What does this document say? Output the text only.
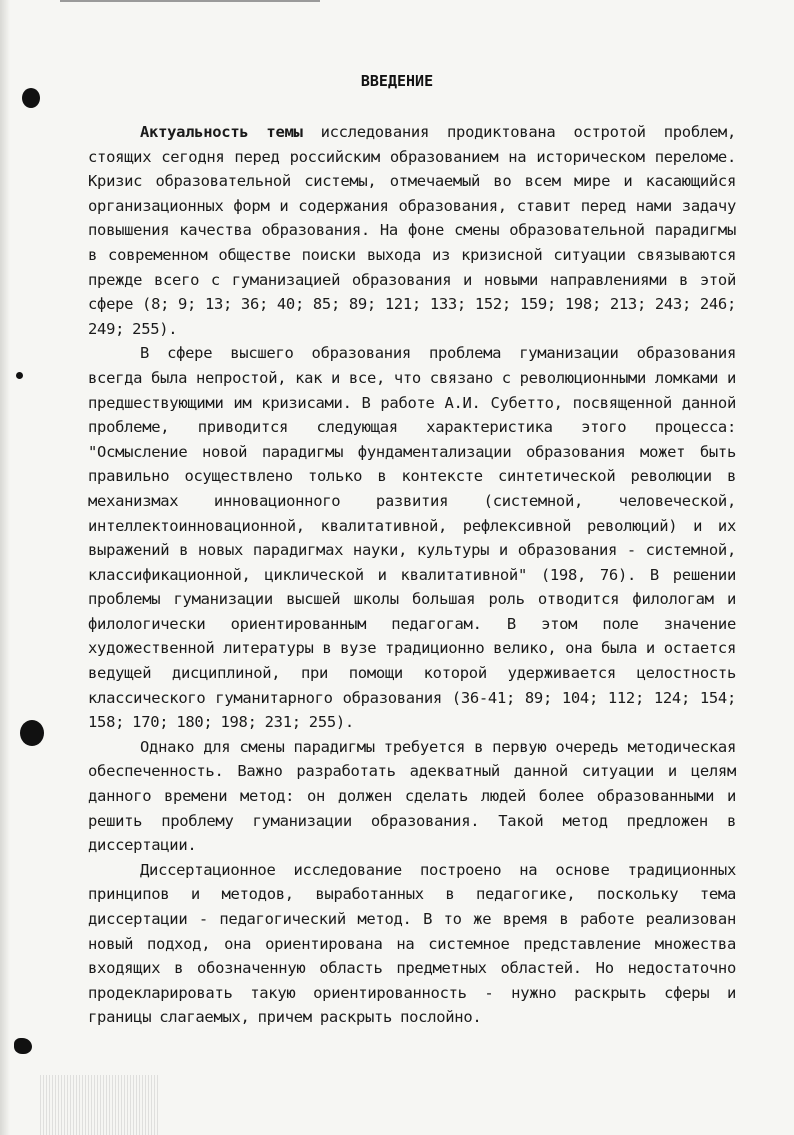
ВВЕДЕНИЕ

Актуальность темы исследования продиктована остротой проблем, стоящих сегодня перед российским образованием на историческом переломе. Кризис образовательной системы, отмечаемый во всем мире и касающийся организационных форм и содержания образования, ставит перед нами задачу повышения качества образования. На фоне смены образовательной парадигмы в современном обществе поиски выхода из кризисной ситуации связываются прежде всего с гуманизацией образования и новыми направлениями в этой сфере (8; 9; 13; 36; 40; 85; 89; 121; 133; 152; 159; 198; 213; 243; 246; 249; 255).

В сфере высшего образования проблема гуманизации образования всегда была непростой, как и все, что связано с революционными ломками и предшествующими им кризисами. В работе А.И. Субетто, посвященной данной проблеме, приводится следующая характеристика этого процесса: "Осмысление новой парадигмы фундаментализации образования может быть правильно осуществлено только в контексте синтетической революции в механизмах инновационного развития (системной, человеческой, интеллектоинновационной, квалитативной, рефлексивной революций) и их выражений в новых парадигмах науки, культуры и образования - системной, классификационной, циклической и квалитативной" (198, 76). В решении проблемы гуманизации высшей школы большая роль отводится филологам и филологически ориентированным педагогам. В этом поле значение художественной литературы в вузе традиционно велико, она была и остается ведущей дисциплиной, при помощи которой удерживается целостность классического гуманитарного образования (36-41; 89; 104; 112; 124; 154; 158; 170; 180; 198; 231; 255).

Однако для смены парадигмы требуется в первую очередь методическая обеспеченность. Важно разработать адекватный данной ситуации и целям данного времени метод: он должен сделать людей более образованными и решить проблему гуманизации образования. Такой метод предложен в диссертации.

Диссертационное исследование построено на основе традиционных принципов и методов, выработанных в педагогике, поскольку тема диссертации - педагогический метод. В то же время в работе реализован новый подход, она ориентирована на системное представление множества входящих в обозначенную область предметных областей. Но недостаточно продекларировать такую ориентированность - нужно раскрыть сферы и границы слагаемых, причем раскрыть послойно.
